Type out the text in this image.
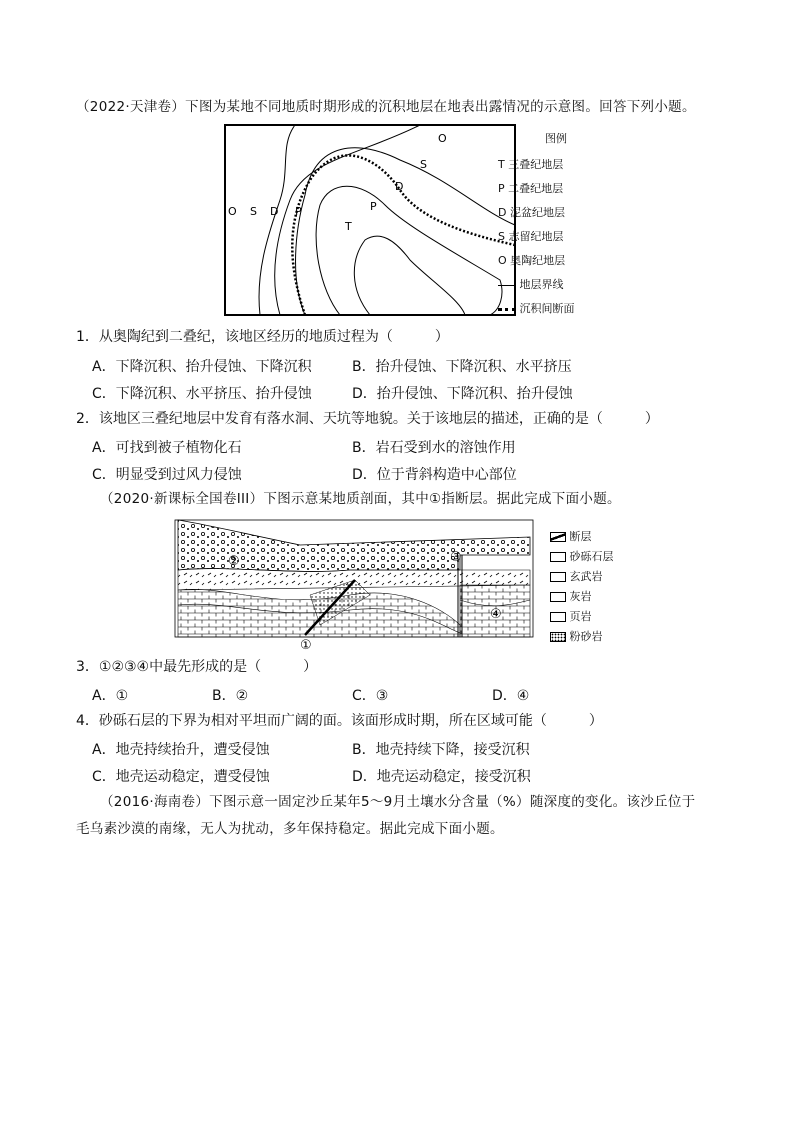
（2022·天津卷）下图为某地不同地质时期形成的沉积地层在地表出露情况的示意图。回答下列小题。
O S D P
T
P
D
S
O	图例
T 三叠纪地层
P 二叠纪地层
D 泥盆纪地层
S 志留纪地层
O 奥陶纪地层
地层界线
沉积间断面
1．从奥陶纪到二叠纪，该地区经历的地质过程为（　　　）
A．下降沉积、抬升侵蚀、下降沉积	B．抬升侵蚀、下降沉积、水平挤压
C．下降沉积、水平挤压、抬升侵蚀	D．抬升侵蚀、下降沉积、抬升侵蚀
2．该地区三叠纪地层中发育有落水洞、天坑等地貌。关于该地层的描述，正确的是（　　　）
A．可找到被子植物化石	B．岩石受到水的溶蚀作用
C．明显受到过风力侵蚀	D．位于背斜构造中心部位
（2020·新课标全国卷III）下图示意某地质剖面，其中①指断层。据此完成下面小题。
①
②	③
④
断层
砂砾石层
玄武岩
灰岩
页岩
粉砂岩
3．①②③④中最先形成的是（　　　）
A．①	B．②	C．③	D．④
4．砂砾石层的下界为相对平坦而广阔的面。该面形成时期，所在区域可能（　　　）
A．地壳持续抬升，遭受侵蚀	B．地壳持续下降，接受沉积
C．地壳运动稳定，遭受侵蚀	D．地壳运动稳定，接受沉积
（2016·海南卷）下图示意一固定沙丘某年5～9月土壤水分含量（%）随深度的变化。该沙丘位于
毛乌素沙漠的南缘，无人为扰动，多年保持稳定。据此完成下面小题。
